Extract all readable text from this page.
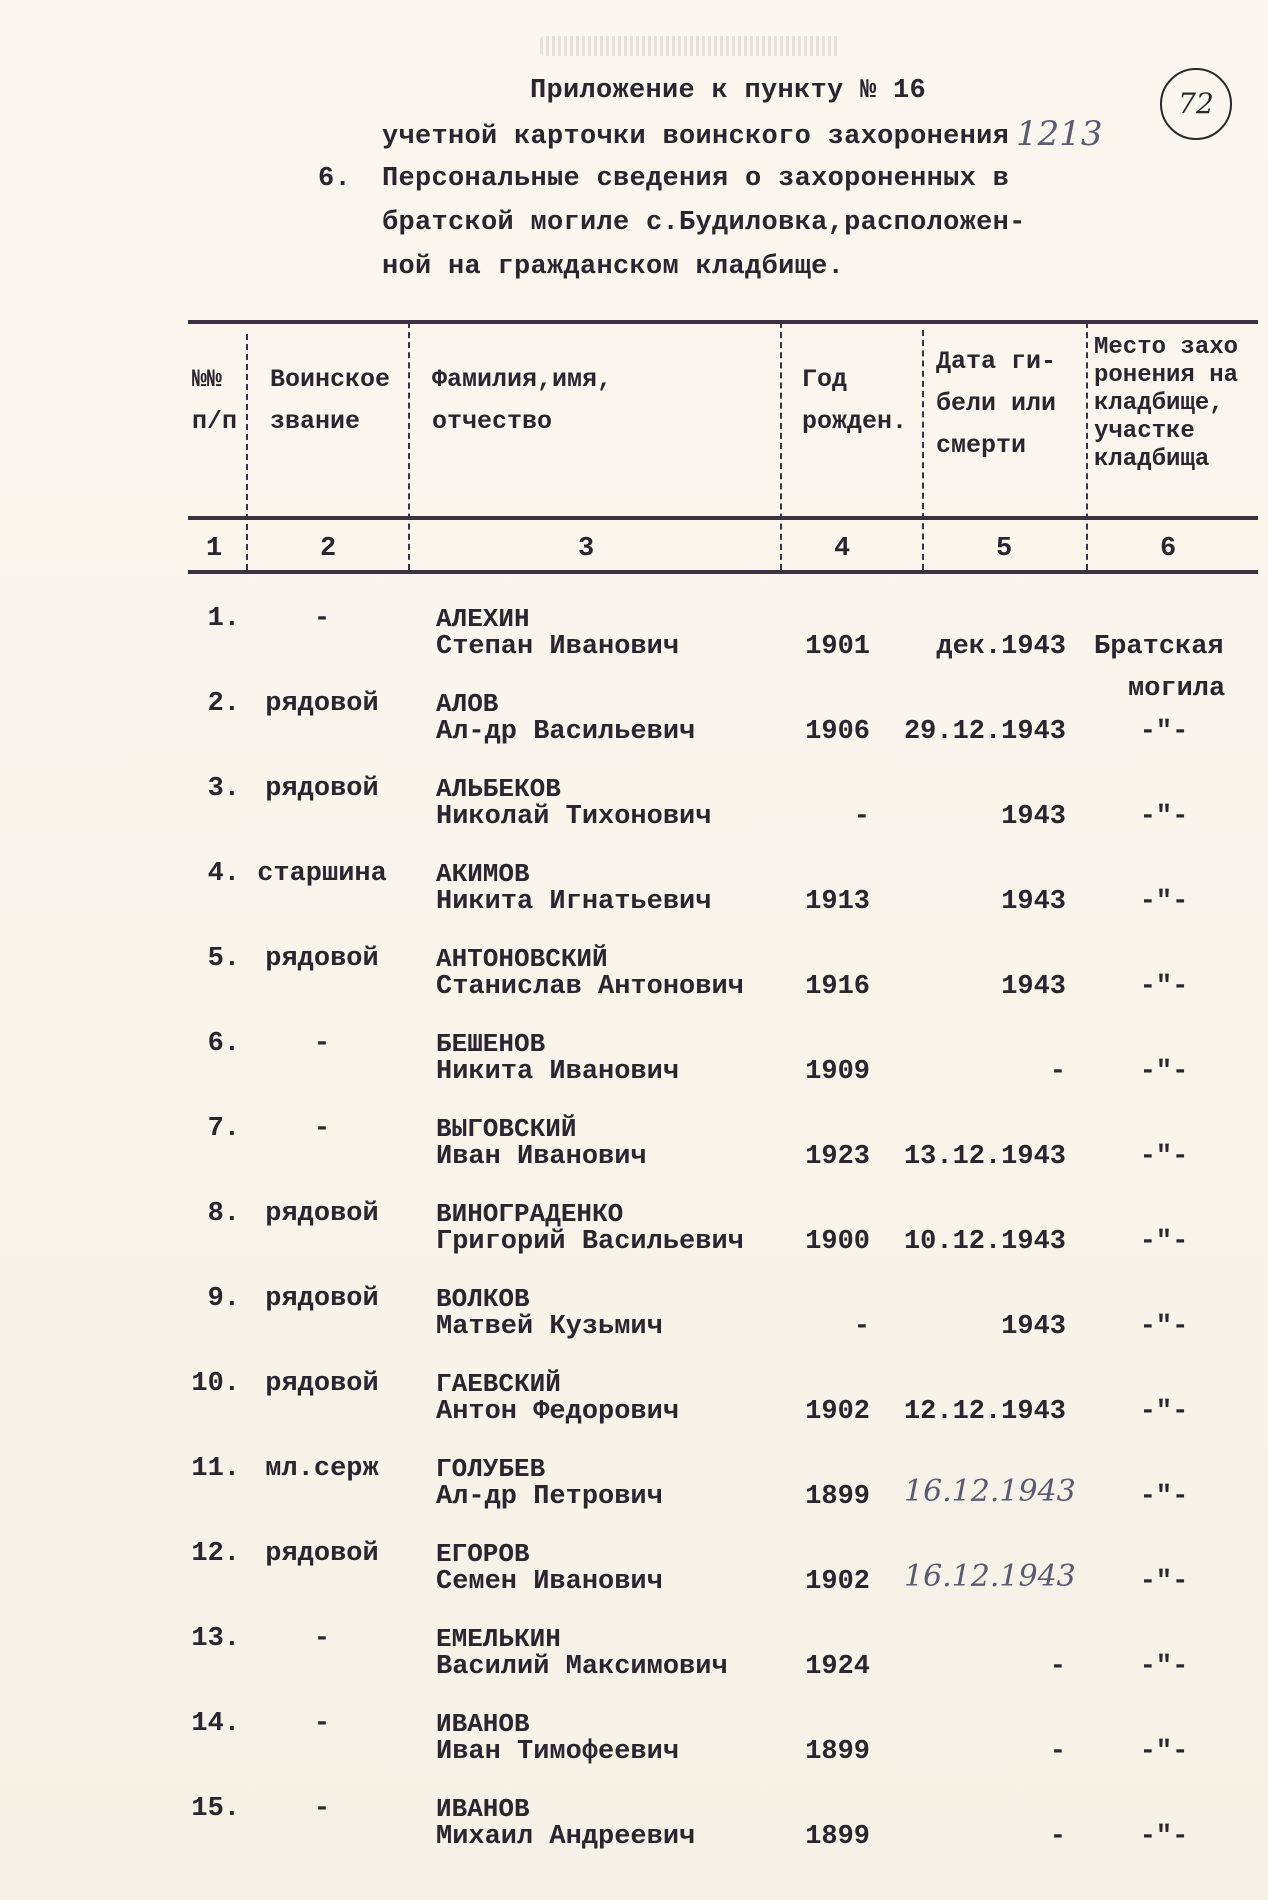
Приложение к пункту № 16
учетной карточки воинского захоронения 1213
6. Персональные сведения о захороненных в
братской могиле с.Будиловка,расположен-
ной на гражданском кладбище.
72
№№
п/п
Воинское
звание
Фамилия,имя,
отчество
Год
рожден.
Дата ги-
бели или
смерти
Место захо
ронения на
кладбище,
участке
кладбища
1	2	3	4	5	6
1.	-	АЛЕХИН
Степан Иванович	1901 дек.1943 Братская
могила
2. рядовой	АЛОВ
Ал-др Васильевич	1906 29.12.1943	-"-
3. рядовой	АЛЬБЕКОВ
Николай Тихонович	-	1943	-"-
4. старшина	АКИМОВ
Никита Игнатьевич	1913	1943	-"-
5. рядовой	АНТОНОВСКИЙ
Станислав Антонович 1916	1943	-"-
6.	-	БЕШЕНОВ
Никита Иванович	1909	-	-"-
7.	-	ВЫГОВСКИЙ
Иван Иванович	1923 13.12.1943	-"-
8. рядовой	ВИНОГРАДЕНКО
Григорий Васильевич 1900 10.12.1943	-"-
9. рядовой	ВОЛКОВ
Матвей Кузьмич	-	1943	-"-
10. рядовой	ГАЕВСКИЙ
Антон Федорович	1902 12.12.1943	-"-
11. мл.серж	ГОЛУБЕВ
Ал-др Петрович	1899 16.12.1943	-"-
12. рядовой	ЕГОРОВ
Семен Иванович	1902 16.12.1943	-"-
13.	-	ЕМЕЛЬКИН
Василий Максимович	1924	-	-"-
14.	-	ИВАНОВ
Иван Тимофеевич	1899	-	-"-
15.	-	ИВАНОВ
Михаил Андреевич	1899	-	-"-
